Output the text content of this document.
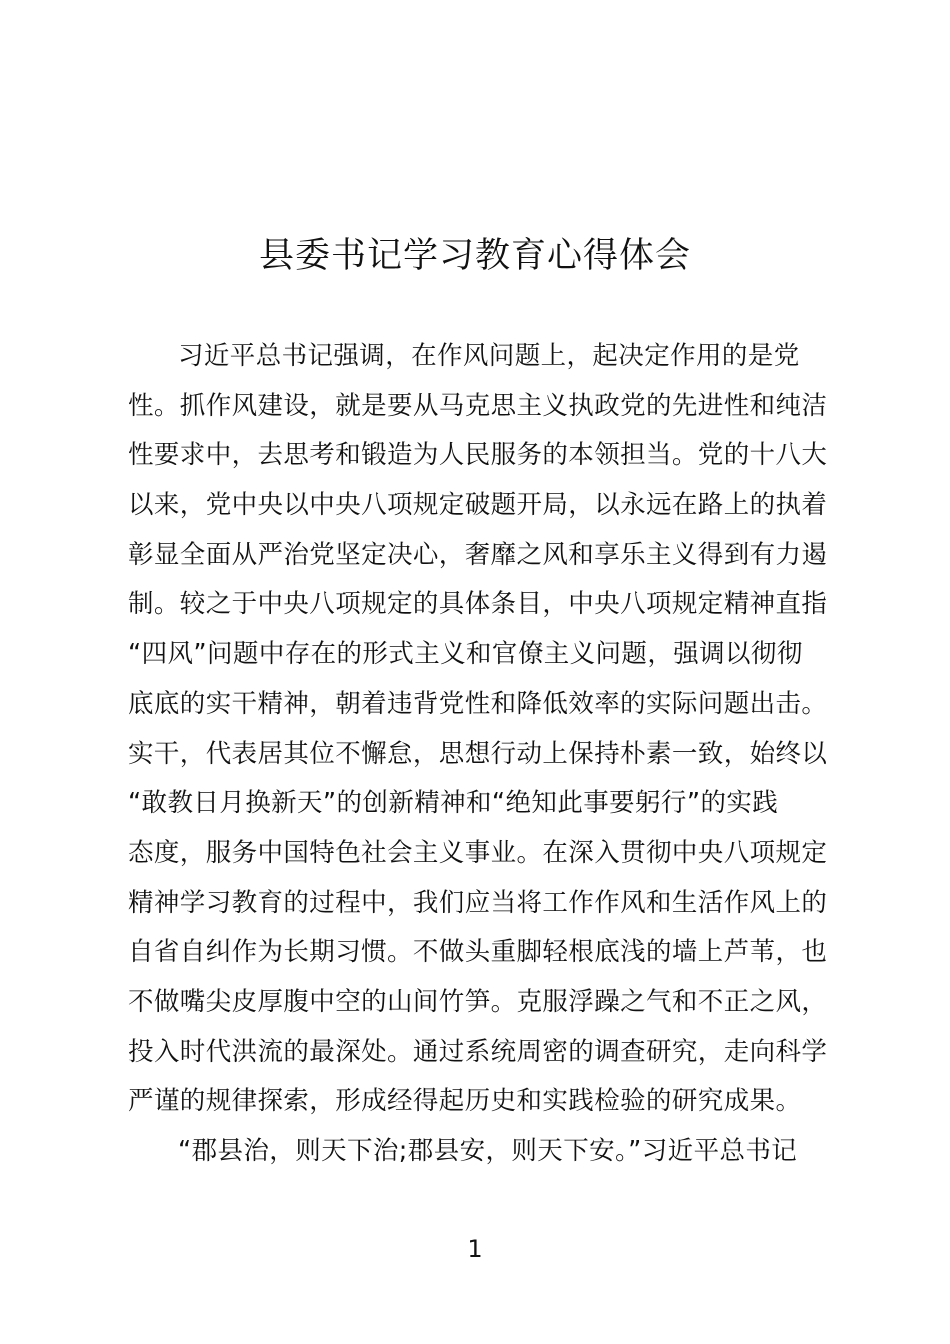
县委书记学习教育心得体会
习近平总书记强调，在作风问题上，起决定作用的是党
性。抓作风建设，就是要从马克思主义执政党的先进性和纯洁
性要求中，去思考和锻造为人民服务的本领担当。党的十八大
以来，党中央以中央八项规定破题开局，以永远在路上的执着
彰显全面从严治党坚定决心，奢靡之风和享乐主义得到有力遏
制。较之于中央八项规定的具体条目，中央八项规定精神直指
“四风”问题中存在的形式主义和官僚主义问题，强调以彻彻
底底的实干精神，朝着违背党性和降低效率的实际问题出击。
实干，代表居其位不懈怠，思想行动上保持朴素一致，始终以
“敢教日月换新天”的创新精神和“绝知此事要躬行”的实践
态度，服务中国特色社会主义事业。在深入贯彻中央八项规定
精神学习教育的过程中，我们应当将工作作风和生活作风上的
自省自纠作为长期习惯。不做头重脚轻根底浅的墙上芦苇，也
不做嘴尖皮厚腹中空的山间竹笋。克服浮躁之气和不正之风，
投入时代洪流的最深处。通过系统周密的调查研究，走向科学
严谨的规律探索，形成经得起历史和实践检验的研究成果。
“郡县治，则天下治;郡县安，则天下安。”习近平总书记
1
